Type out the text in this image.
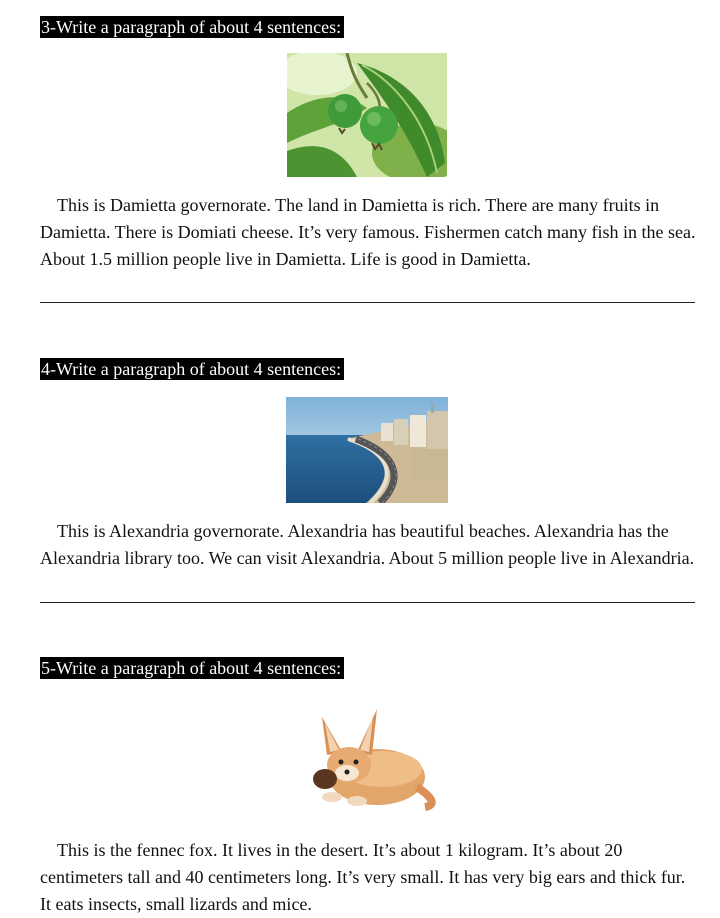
3-Write a paragraph of about 4 sentences:

This is Damietta governorate. The land in Damietta is rich. There are many fruits in Damietta. There is Domiati cheese. It’s very famous. Fishermen catch many fish in the sea. About 1.5 million people live in Damietta. Life is good in Damietta.

4-Write a paragraph of about 4 sentences:

This is Alexandria governorate. Alexandria has beautiful beaches. Alexandria has the Alexandria library too. We can visit Alexandria. About 5 million people live in Alexandria.

5-Write a paragraph of about 4 sentences:

This is the fennec fox. It lives in the desert. It’s about 1 kilogram. It’s about 20 centimeters tall and 40 centimeters long. It’s very small. It has very big ears and thick fur. It eats insects, small lizards and mice.
